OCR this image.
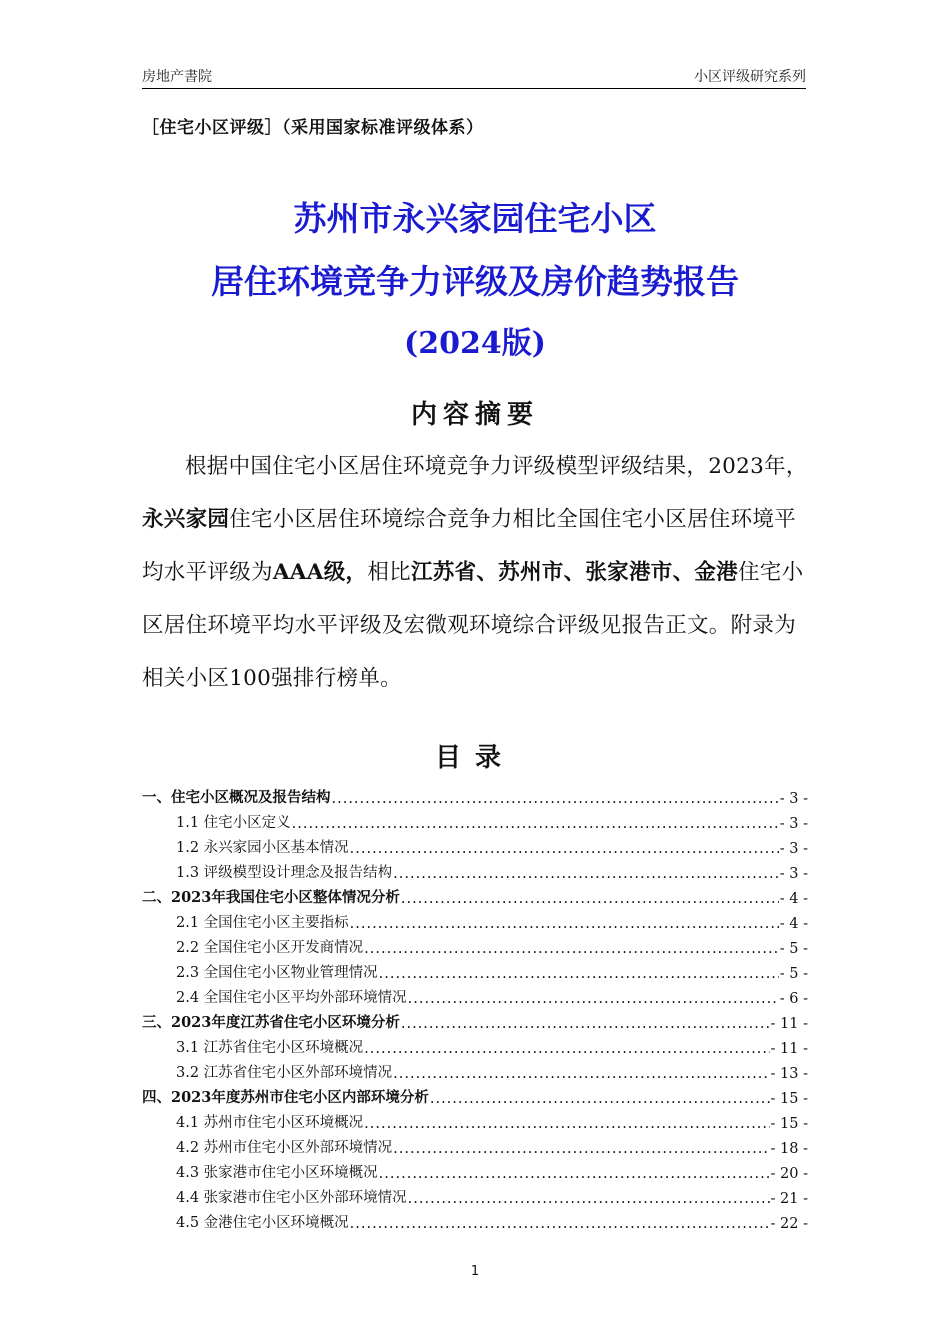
房地产書院	小区评级研究系列
［住宅小区评级］（采用国家标准评级体系）
苏州市永兴家园住宅小区
居住环境竞争力评级及房价趋势报告
(2024版)
内容摘要
根据中国住宅小区居住环境竞争力评级模型评级结果，2023年，永兴家园住宅小区居住环境综合竞争力相比全国住宅小区居住环境平均水平评级为AAA级，相比江苏省、苏州市、张家港市、金港住宅小区居住环境平均水平评级及宏微观环境综合评级见报告正文。附录为相关小区100强排行榜单。
目录
一、住宅小区概况及报告结构 .....	- 3 -
1.1 住宅小区定义 .....	- 3 -
1.2 永兴家园小区基本情况 .....	- 3 -
1.3 评级模型设计理念及报告结构 .....	- 3 -
二、2023年我国住宅小区整体情况分析 .....	- 4 -
2.1 全国住宅小区主要指标 .....	- 4 -
2.2 全国住宅小区开发商情况 .....	- 5 -
2.3 全国住宅小区物业管理情况 .....	- 5 -
2.4 全国住宅小区平均外部环境情况 .....	- 6 -
三、2023年度江苏省住宅小区环境分析 .....	- 11 -
3.1 江苏省住宅小区环境概况 .....	- 11 -
3.2 江苏省住宅小区外部环境情况 .....	- 13 -
四、2023年度苏州市住宅小区内部环境分析 .....	- 15 -
4.1 苏州市住宅小区环境概况 .....	- 15 -
4.2 苏州市住宅小区外部环境情况 .....	- 18 -
4.3 张家港市住宅小区环境概况 .....	- 20 -
4.4 张家港市住宅小区外部环境情况 .....	- 21 -
4.5 金港住宅小区环境概况 .....	- 22 -
1
